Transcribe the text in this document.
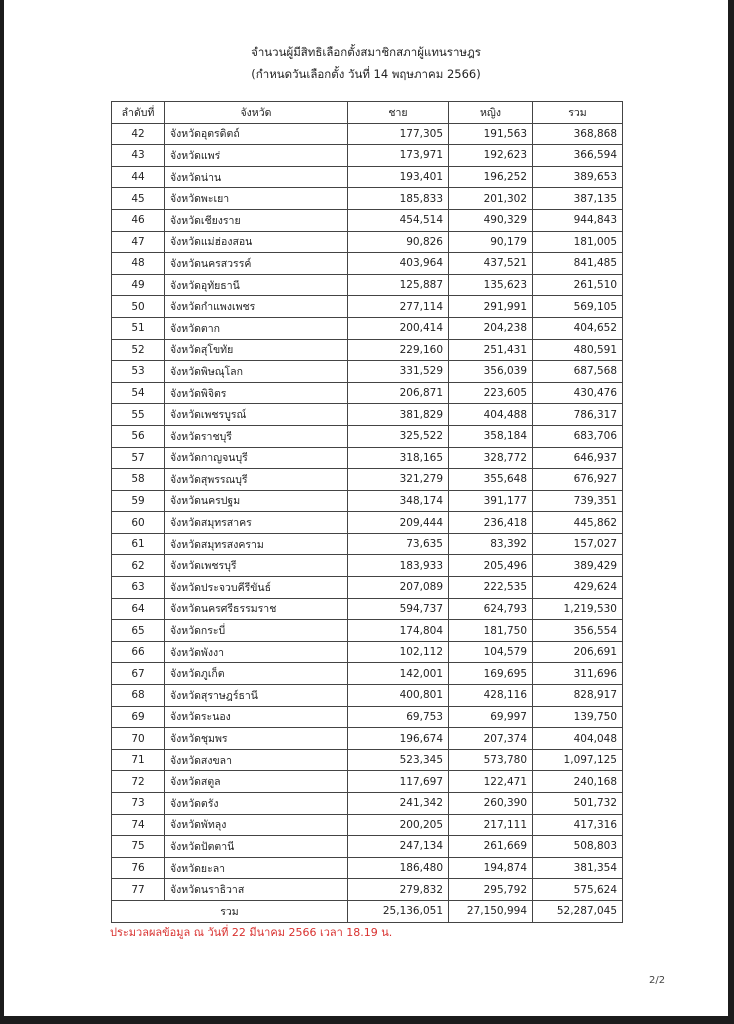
จำนวนผู้มีสิทธิเลือกตั้งสมาชิกสภาผู้แทนราษฎร
(กำหนดวันเลือกตั้ง วันที่ 14 พฤษภาคม 2566)
ลำดับที่	จังหวัด	ชาย	หญิง	รวม
42	จังหวัดอุตรดิตถ์	177,305	191,563	368,868
43	จังหวัดแพร่	173,971	192,623	366,594
44	จังหวัดน่าน	193,401	196,252	389,653
45	จังหวัดพะเยา	185,833	201,302	387,135
46	จังหวัดเชียงราย	454,514	490,329	944,843
47	จังหวัดแม่ฮ่องสอน	90,826	90,179	181,005
48	จังหวัดนครสวรรค์	403,964	437,521	841,485
49	จังหวัดอุทัยธานี	125,887	135,623	261,510
50	จังหวัดกำแพงเพชร	277,114	291,991	569,105
51	จังหวัดตาก	200,414	204,238	404,652
52	จังหวัดสุโขทัย	229,160	251,431	480,591
53	จังหวัดพิษณุโลก	331,529	356,039	687,568
54	จังหวัดพิจิตร	206,871	223,605	430,476
55	จังหวัดเพชรบูรณ์	381,829	404,488	786,317
56	จังหวัดราชบุรี	325,522	358,184	683,706
57	จังหวัดกาญจนบุรี	318,165	328,772	646,937
58	จังหวัดสุพรรณบุรี	321,279	355,648	676,927
59	จังหวัดนครปฐม	348,174	391,177	739,351
60	จังหวัดสมุทรสาคร	209,444	236,418	445,862
61	จังหวัดสมุทรสงคราม	73,635	83,392	157,027
62	จังหวัดเพชรบุรี	183,933	205,496	389,429
63	จังหวัดประจวบคีรีขันธ์	207,089	222,535	429,624
64	จังหวัดนครศรีธรรมราช	594,737	624,793	1,219,530
65	จังหวัดกระบี่	174,804	181,750	356,554
66	จังหวัดพังงา	102,112	104,579	206,691
67	จังหวัดภูเก็ต	142,001	169,695	311,696
68	จังหวัดสุราษฎร์ธานี	400,801	428,116	828,917
69	จังหวัดระนอง	69,753	69,997	139,750
70	จังหวัดชุมพร	196,674	207,374	404,048
71	จังหวัดสงขลา	523,345	573,780	1,097,125
72	จังหวัดสตูล	117,697	122,471	240,168
73	จังหวัดตรัง	241,342	260,390	501,732
74	จังหวัดพัทลุง	200,205	217,111	417,316
75	จังหวัดปัตตานี	247,134	261,669	508,803
76	จังหวัดยะลา	186,480	194,874	381,354
77	จังหวัดนราธิวาส	279,832	295,792	575,624
รวม		25,136,051	27,150,994	52,287,045
ประมวลผลข้อมูล ณ วันที่ 22 มีนาคม 2566 เวลา 18.19 น.
2/2
